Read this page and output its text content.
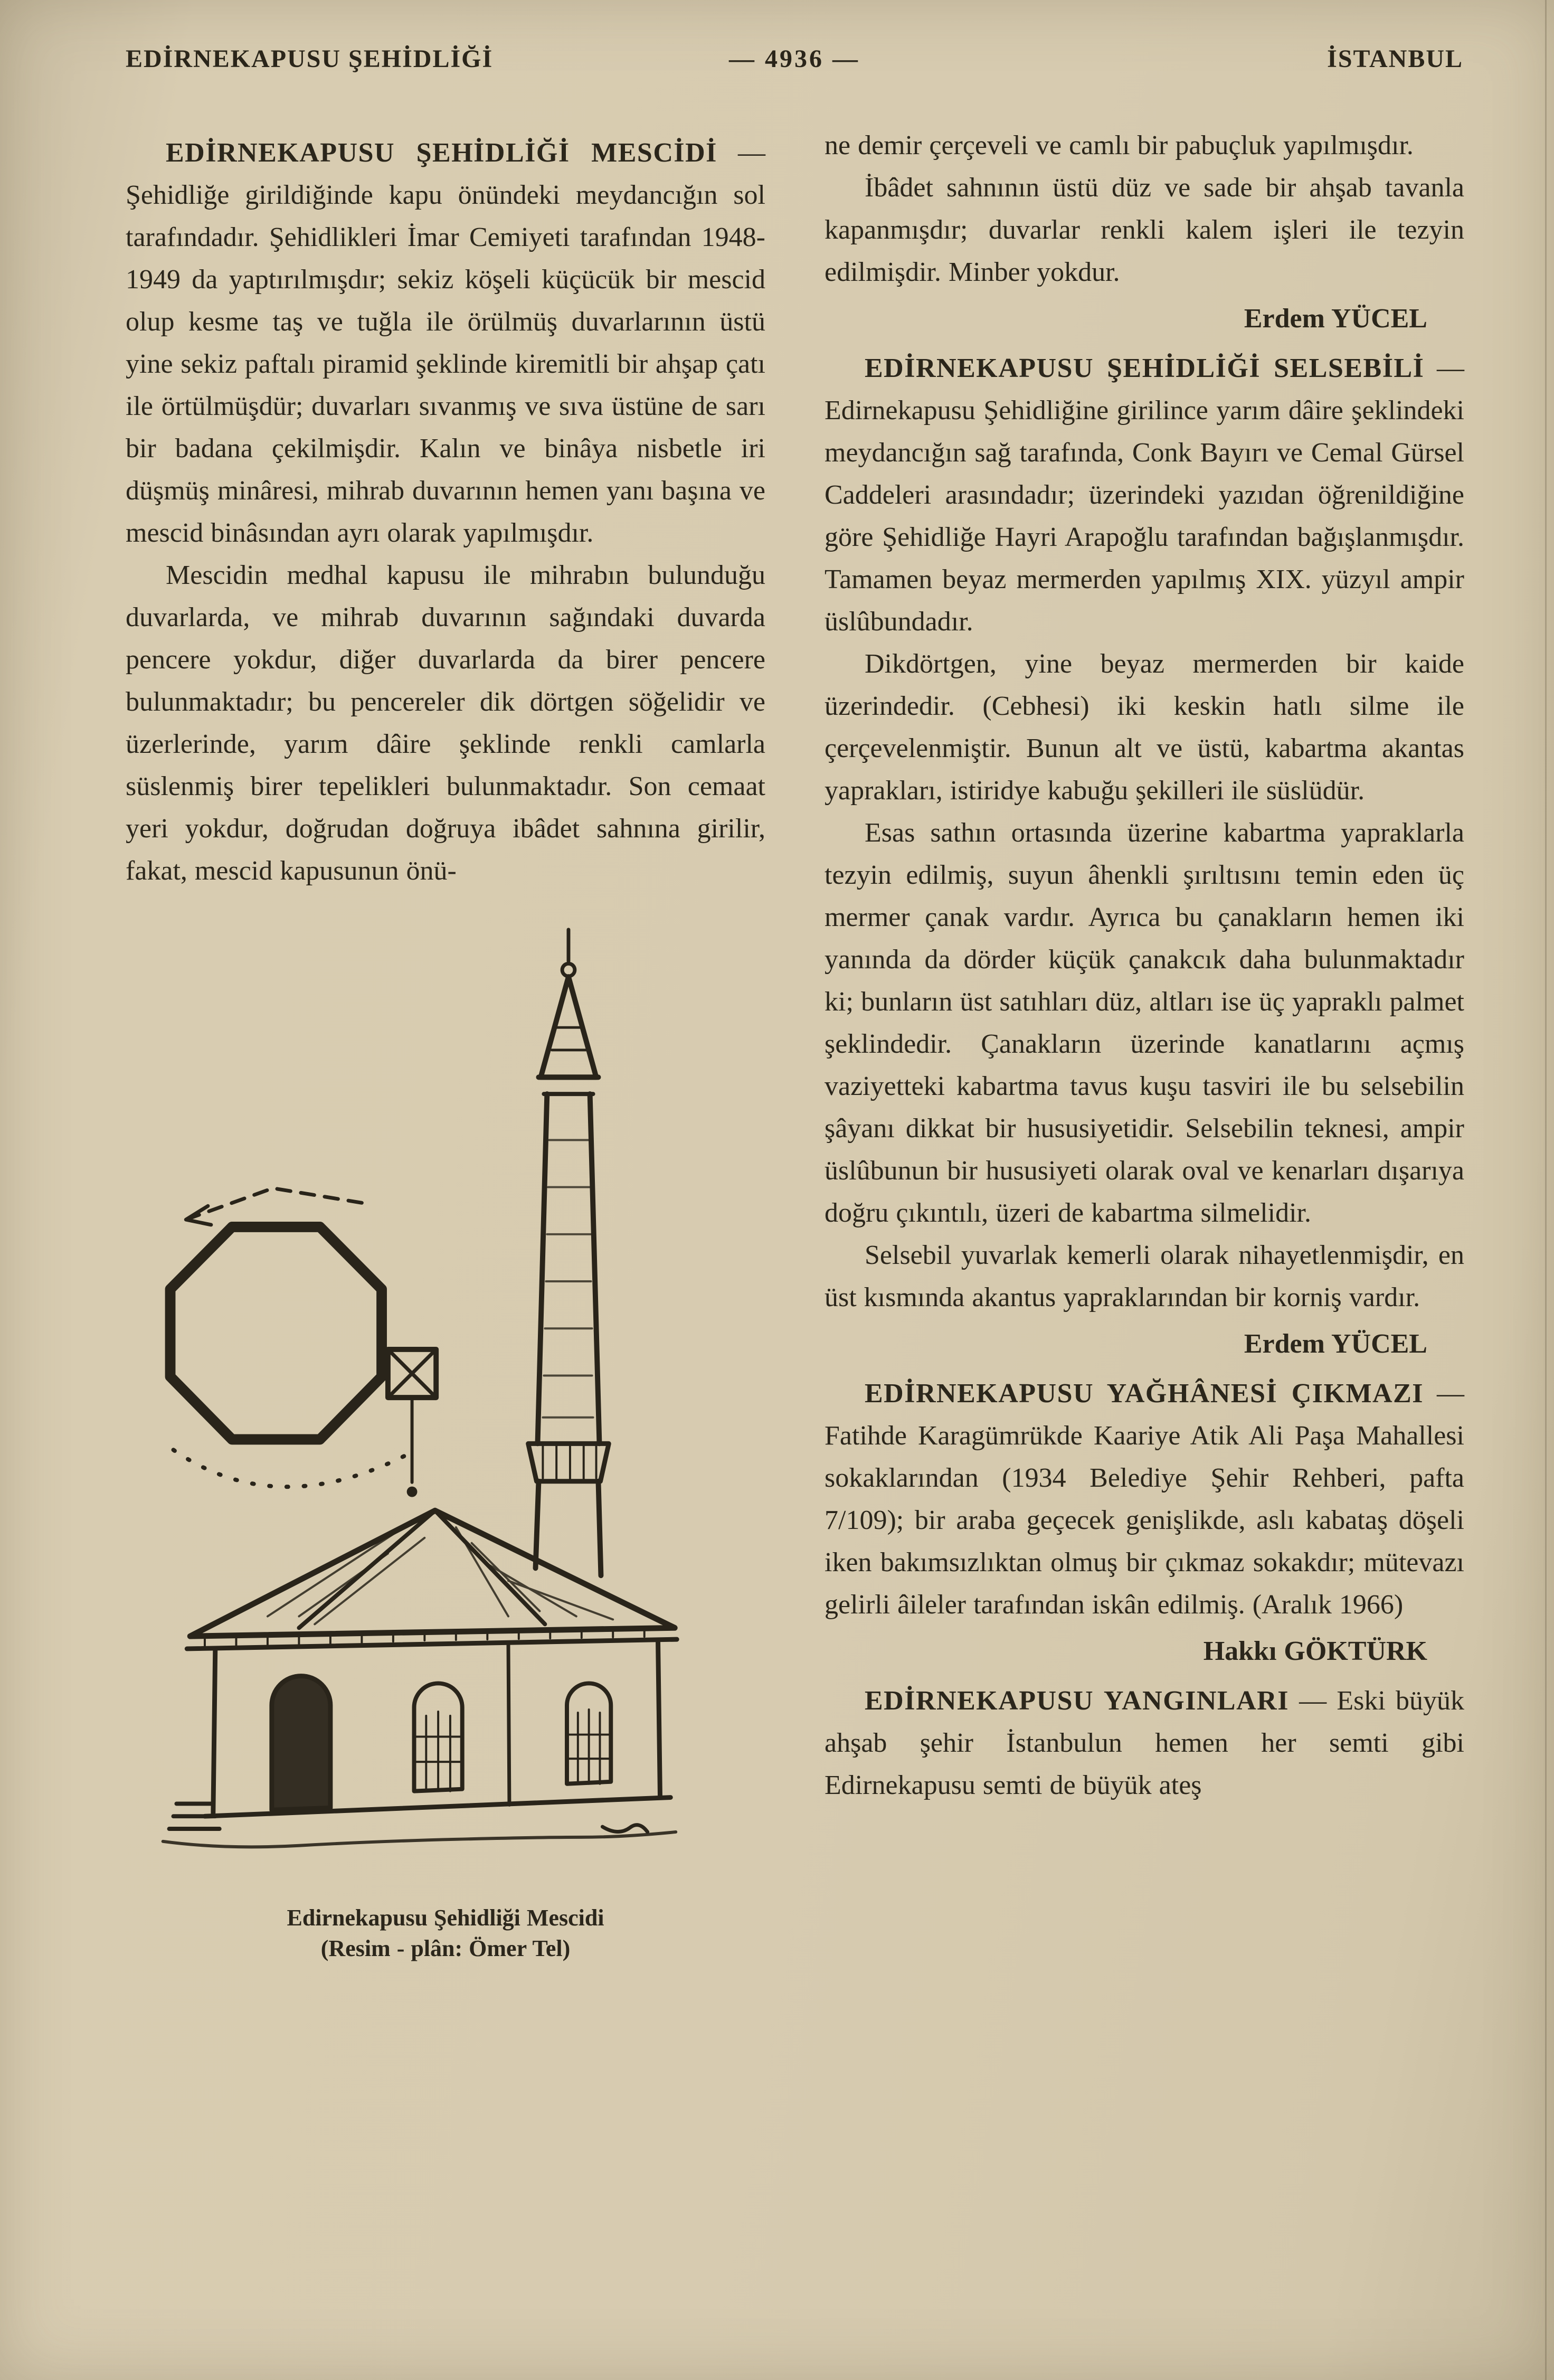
EDİRNEKAPUSU ŞEHİDLİĞİ	— 4936 —	İSTANBUL

EDİRNEKAPUSU ŞEHİDLİĞİ MESCİDİ — Şehidliğe girildiğinde kapu önündeki meydancığın sol tarafındadır. Şehidlikleri İmar Cemiyeti tarafından 1948-1949 da yaptırılmışdır; sekiz köşeli küçücük bir mescid olup kesme taş ve tuğla ile örülmüş duvarlarının üstü yine sekiz paftalı piramid şeklinde kiremitli bir ahşap çatı ile örtülmüşdür; duvarları sıvanmış ve sıva üstüne de sarı bir badana çekilmişdir. Kalın ve binâya nisbetle iri düşmüş minâresi, mihrab duvarının hemen yanı başına ve mescid binâsından ayrı olarak yapılmışdır.

Mescidin medhal kapusu ile mihrabın bulunduğu duvarlarda, ve mihrab duvarının sağındaki duvarda pencere yokdur, diğer duvarlarda da birer pencere bulunmaktadır; bu pencereler dik dörtgen söğelidir ve üzerlerinde, yarım dâire şeklinde renkli camlarla süslenmiş birer tepelikleri bulunmaktadır. Son cemaat yeri yokdur, doğrudan doğruya ibâdet sahnına girilir, fakat, mescid kapusunun önü-

Edirnekapusu Şehidliği Mescidi
(Resim - plân: Ömer Tel)

ne demir çerçeveli ve camlı bir pabuçluk yapılmışdır.

İbâdet sahnının üstü düz ve sade bir ahşab tavanla kapanmışdır; duvarlar renkli kalem işleri ile tezyin edilmişdir. Minber yokdur.

Erdem YÜCEL

EDİRNEKAPUSU ŞEHİDLİĞİ SELSEBİLİ — Edirnekapusu Şehidliğine girilince yarım dâire şeklindeki meydancığın sağ tarafında, Conk Bayırı ve Cemal Gürsel Caddeleri arasındadır; üzerindeki yazıdan öğrenildiğine göre Şehidliğe Hayri Arapoğlu tarafından bağışlanmışdır. Tamamen beyaz mermerden yapılmış XIX. yüzyıl ampir üslûbundadır.

Dikdörtgen, yine beyaz mermerden bir kaide üzerindedir. (Cebhesi) iki keskin hatlı silme ile çerçevelenmiştir. Bunun alt ve üstü, kabartma akantas yaprakları, istiridye kabuğu şekilleri ile süslüdür.

Esas sathın ortasında üzerine kabartma yapraklarla tezyin edilmiş, suyun âhenkli şırıltısını temin eden üç mermer çanak vardır. Ayrıca bu çanakların hemen iki yanında da dörder küçük çanakcık daha bulunmaktadır ki; bunların üst satıhları düz, altları ise üç yapraklı palmet şeklindedir. Çanakların üzerinde kanatlarını açmış vaziyetteki kabartma tavus kuşu tasviri ile bu selsebilin şâyanı dikkat bir hususiyetidir. Selsebilin teknesi, ampir üslûbunun bir hususiyeti olarak oval ve kenarları dışarıya doğru çıkıntılı, üzeri de kabartma silmelidir.

Selsebil yuvarlak kemerli olarak nihayetlenmişdir, en üst kısmında akantus yapraklarından bir korniş vardır.

Erdem YÜCEL

EDİRNEKAPUSU YAĞHÂNESİ ÇIKMAZI — Fatihde Karagümrükde Kaariye Atik Ali Paşa Mahallesi sokaklarından (1934 Belediye Şehir Rehberi, pafta 7/109); bir araba geçecek genişlikde, aslı kabataş döşeli iken bakımsızlıktan olmuş bir çıkmaz sokakdır; mütevazı gelirli âileler tarafından iskân edilmiş. (Aralık 1966)

Hakkı GÖKTÜRK

EDİRNEKAPUSU YANGINLARI — Eski büyük ahşab şehir İstanbulun hemen her semti gibi Edirnekapusu semti de büyük ateş
